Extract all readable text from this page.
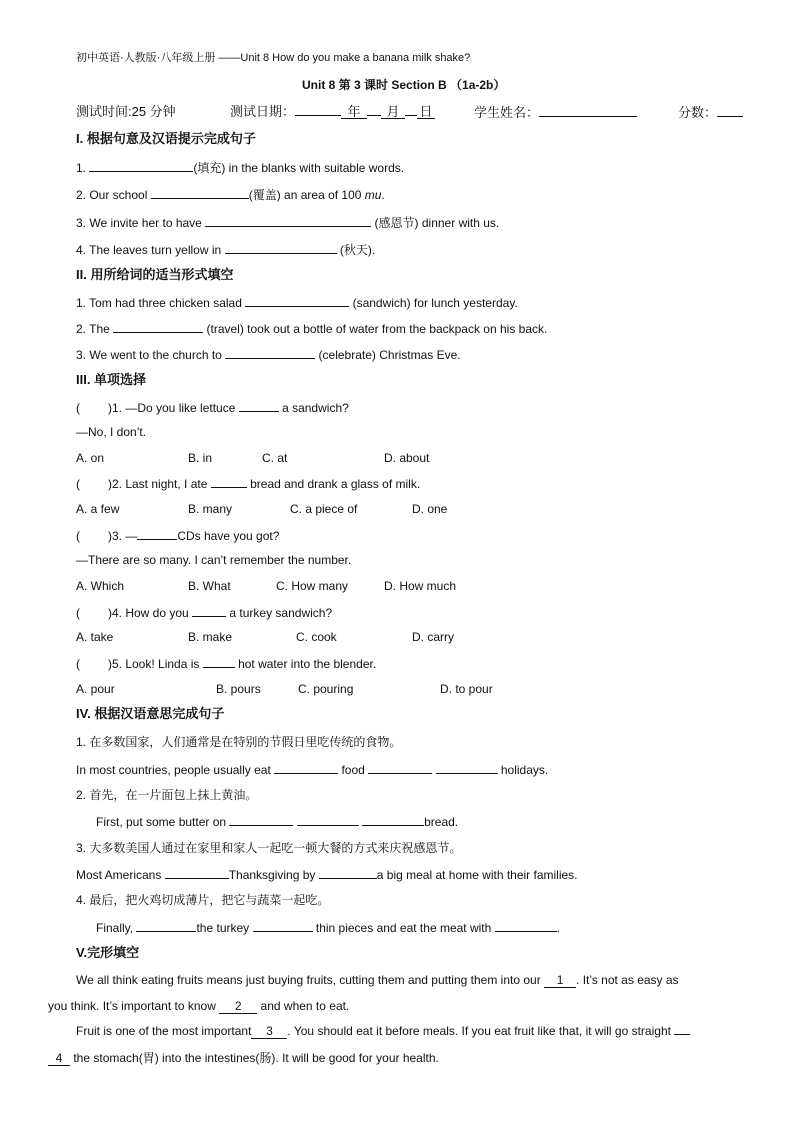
初中英语·人教版·八年级上册 ——Unit 8 How do you make a banana milk shake?
Unit 8 第 3 课时 Section B （1a-2b）
测试时间:25 分钟	测试日期：	年 月 日	学生姓名：	分数：
I. 根据句意及汉语提示完成句子
1.	(填充) in the blanks with suitable words.
2. Our school	(覆盖) an area of 100 mu.
3. We invite her to have	(感恩节) dinner with us.
4. The leaves turn yellow in	(秋天).
II. 用所给词的适当形式填空
1. Tom had three chicken salad	(sandwich) for lunch yesterday.
2. The	(travel) took out a bottle of water from the backpack on his back.
3. We went to the church to	(celebrate) Christmas Eve.
III. 单项选择
( )1. —Do you like lettuce	a sandwich?
—No, I don’t.
A. on	B. in	C. at	D. about
( )2. Last night, I ate	bread and drank a glass of milk.
A. a few	B. many	C. a piece of	D. one
( )3. —	CDs have you got?
—There are so many. I can’t remember the number.
A. Which	B. What	C. How many	D. How much
( )4. How do you	a turkey sandwich?
A. take	B. make	C. cook	D. carry
( )5. Look! Linda is	hot water into the blender.
A. pour	B. pours	C. pouring	D. to pour
IV. 根据汉语意思完成句子
1. 在多数国家，人们通常是在特别的节假日里吃传统的食物。
In most countries, people usually eat	food	holidays.
2. 首先，在一片面包上抹上黄油。
First, put some butter on	bread.
3. 大多数美国人通过在家里和家人一起吃一顿大餐的方式来庆祝感恩节。
Most Americans	Thanksgiving by	a big meal at home with their families.
4. 最后，把火鸡切成薄片，把它与蔬菜一起吃。
Finally,	the turkey	thin pieces and eat the meat with	.
V.完形填空
We all think eating fruits means just buying fruits, cutting them and putting them into our 1 . It’s not as easy as
you think. It’s important to know 2 and when to eat.
Fruit is one of the most important 3 . You should eat it before meals. If you eat fruit like that, it will go straight
4 the stomach(胃) into the intestines(肠). It will be good for your health.
